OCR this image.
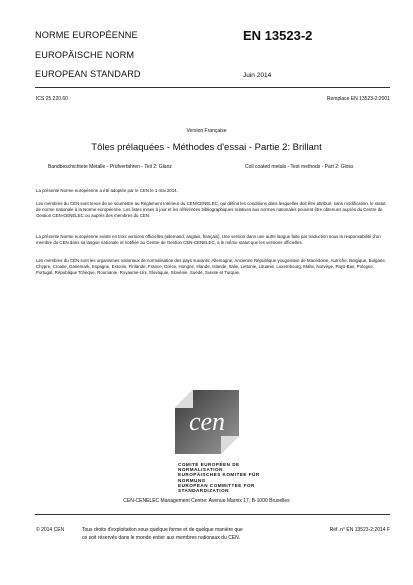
NORME EUROPÉENNE
EUROPÄISCHE NORM
EUROPEAN STANDARD
EN 13523-2
Juin 2014
ICS 25.220.60	Remplace EN 13523-2:2001
Version Française
Tôles prélaquées - Méthodes d'essai - Partie 2: Brillant
Bandbeschichtete Metalle - Prüfverfahren - Teil 2: Glanz	Coil coated metals - Test methods - Part 2: Gloss

La présente Norme européenne a été adoptée par le CEN le 1 mai 2014.

Les membres du CEN sont tenus de se soumettre au Règlement Intérieur du CEN/CENELEC, qui définit les conditions dans lesquelles doit être attribué, sans modification, le statut de norme nationale à la Norme européenne. Les listes mises à jour et les références bibliographiques relatives aux normes nationales peuvent être obtenues auprès du Centre de Gestion CEN-CENELEC ou auprès des membres du CEN.

La présente Norme européenne existe en trois versions officielles (allemand, anglais, français). Une version dans une autre langue faite par traduction sous la responsabilité d'un membre du CEN dans sa langue nationale et notifiée au Centre de Gestion CEN-CENELEC, a le même statut que les versions officielles.

Les membres du CEN sont les organismes nationaux de normalisation des pays suivants: Allemagne, Ancienne République yougoslave de Macédoine, Autriche, Belgique, Bulgarie, Chypre, Croatie, Danemark, Espagne, Estonie, Finlande, France, Grèce, Hongrie, Irlande, Islande, Italie, Lettonie, Lituanie, Luxembourg, Malte, Norvège, Pays-Bas, Pologne, Portugal, République Tchèque, Roumanie, Royaume-Uni, Slovaquie, Slovénie, Suède, Suisse et Turquie.

cen
COMITÉ EUROPÉEN DE NORMALISATION
EUROPÄISCHES KOMITEE FÜR NORMUNG
EUROPEAN COMMITTEE FOR STANDARDIZATION
CEN-CENELEC Management Centre: Avenue Marnix 17, B-1000 Bruxelles
© 2014 CEN	Tous droits d'exploitation sous quelque forme et de quelque manière que
ce soit réservés dans le monde entier aux membres nationaux du CEN.
Réf. n° EN 13523-2:2014 F
